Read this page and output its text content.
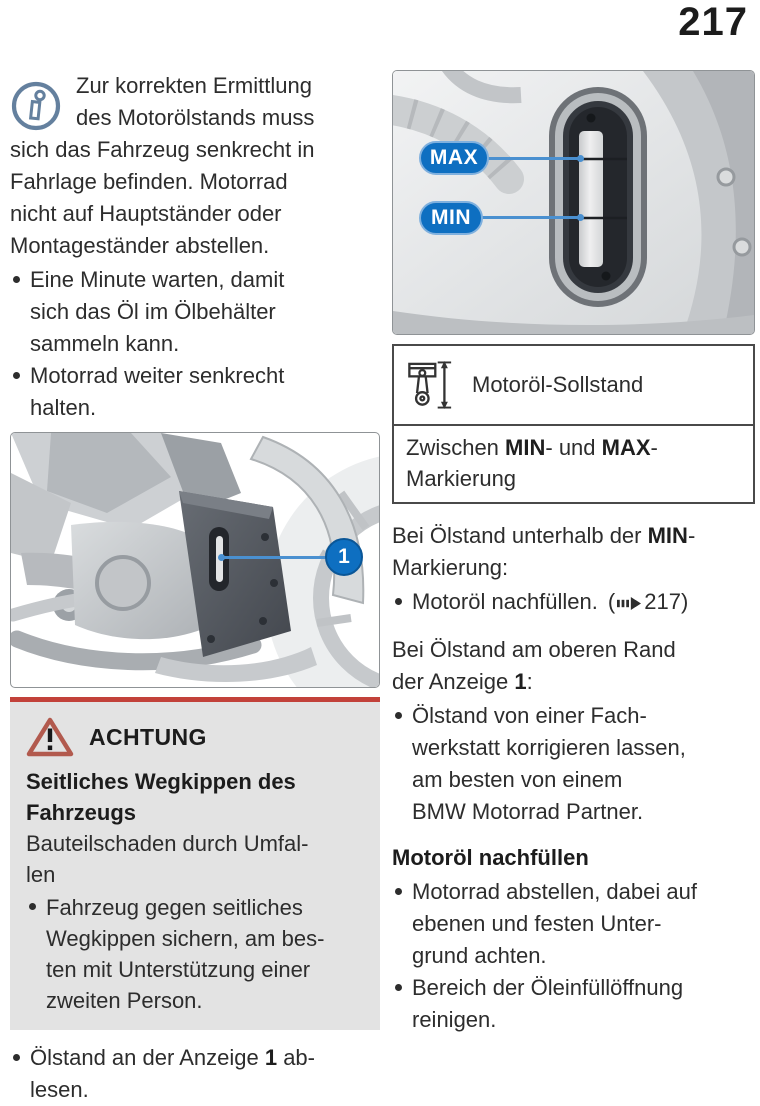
217
Zur korrekten Ermittlung
des Motorölstands muss
sich das Fahrzeug senkrecht in
Fahrlage befinden. Motorrad
nicht auf Hauptständer oder
Montageständer abstellen.
Eine Minute warten, damit
sich das Öl im Ölbehälter
sammeln kann.
Motorrad weiter senkrecht
halten.
1
ACHTUNG
Seitliches Wegkippen des
Fahrzeugs
Bauteilschaden durch Umfal-
len
Fahrzeug gegen seitliches
Wegkippen sichern, am bes-
ten mit Unterstützung einer
zweiten Person.
Ölstand an der Anzeige 1 ab-
lesen.
MAX
MIN
Motoröl-Sollstand
Zwischen MIN- und MAX-
Markierung
Bei Ölstand unterhalb der MIN-
Markierung:
Motoröl nachfüllen. ( 217 )
Bei Ölstand am oberen Rand
der Anzeige 1:
Ölstand von einer Fach-
werkstatt korrigieren lassen,
am besten von einem
BMW Motorrad Partner.
Motoröl nachfüllen
Motorrad abstellen, dabei auf
ebenen und festen Unter-
grund achten.
Bereich der Öleinfüllöffnung
reinigen.
